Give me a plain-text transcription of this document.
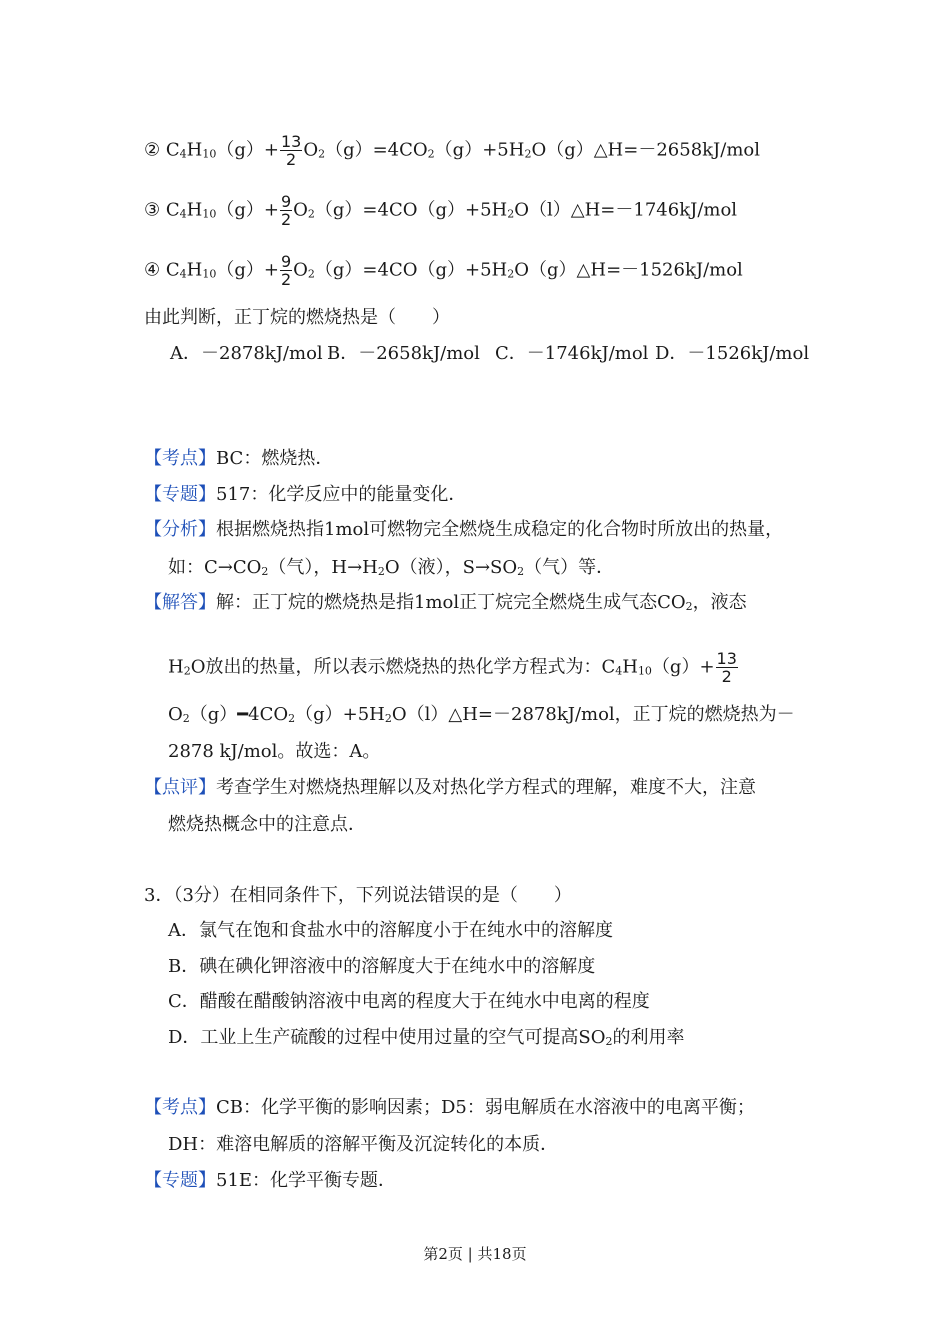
② $C_4H_{10}(g)+ \frac{13}{2}$ $O_2(g)=4CO_2(g)+5H_2O(g)\triangle H=-2658kJ$/mol
③ $C_4H_{10}(g)+ \frac{9}{2}$ $O_2(g)=4CO(g)+5H_2O(l)\triangle H=-1746kJ$/mol
④ $C_4H_{10}(g)+ \frac{9}{2}$ $O_2(g)=4CO(g)+5H_2O(g)\triangle H=-1526kJ$/mol
由此判断，正丁烷的燃烧热是（　　）
A．－2878kJ/mol B．－2658kJ/mol C．－1746kJ/mol D．－1526kJ/mol
【考点】BC：燃烧热．
【专题】517：化学反应中的能量变化．
【分析】根据燃烧热指1mol可燃物完全燃烧生成稳定的化合物时所放出的热量，
如：$C\to CO_2$（气），$H\to H_2O$（液），$S\to SO_2$（气）等．
【解答】解：正丁烷的燃烧热是指1mol正丁烷完全燃烧生成气态$CO_2$，液态
$H_2O$放出的热量，所以表示燃烧热的热化学方程式为：$C_4H_{10}(g)+ \frac{13}{2}$
$O_2(g)━4CO_2(g)+5H_2O(l)\triangle H=-2878kJ$/mol，正丁烷的燃烧热为－
2878 kJ/mol。故选：A。
【点评】考查学生对燃烧热理解以及对热化学方程式的理解，难度不大，注意
燃烧热概念中的注意点．
3．（3分）在相同条件下，下列说法错误的是（　　）
A．氯气在饱和食盐水中的溶解度小于在纯水中的溶解度
B．碘在碘化钾溶液中的溶解度大于在纯水中的溶解度
C．醋酸在醋酸钠溶液中电离的程度大于在纯水中电离的程度
D．工业上生产硫酸的过程中使用过量的空气可提高$SO_2$的利用率
【考点】CB：化学平衡的影响因素；D5：弱电解质在水溶液中的电离平衡；
DH：难溶电解质的溶解平衡及沉淀转化的本质．
【专题】51E：化学平衡专题．
第2页 | 共18页
